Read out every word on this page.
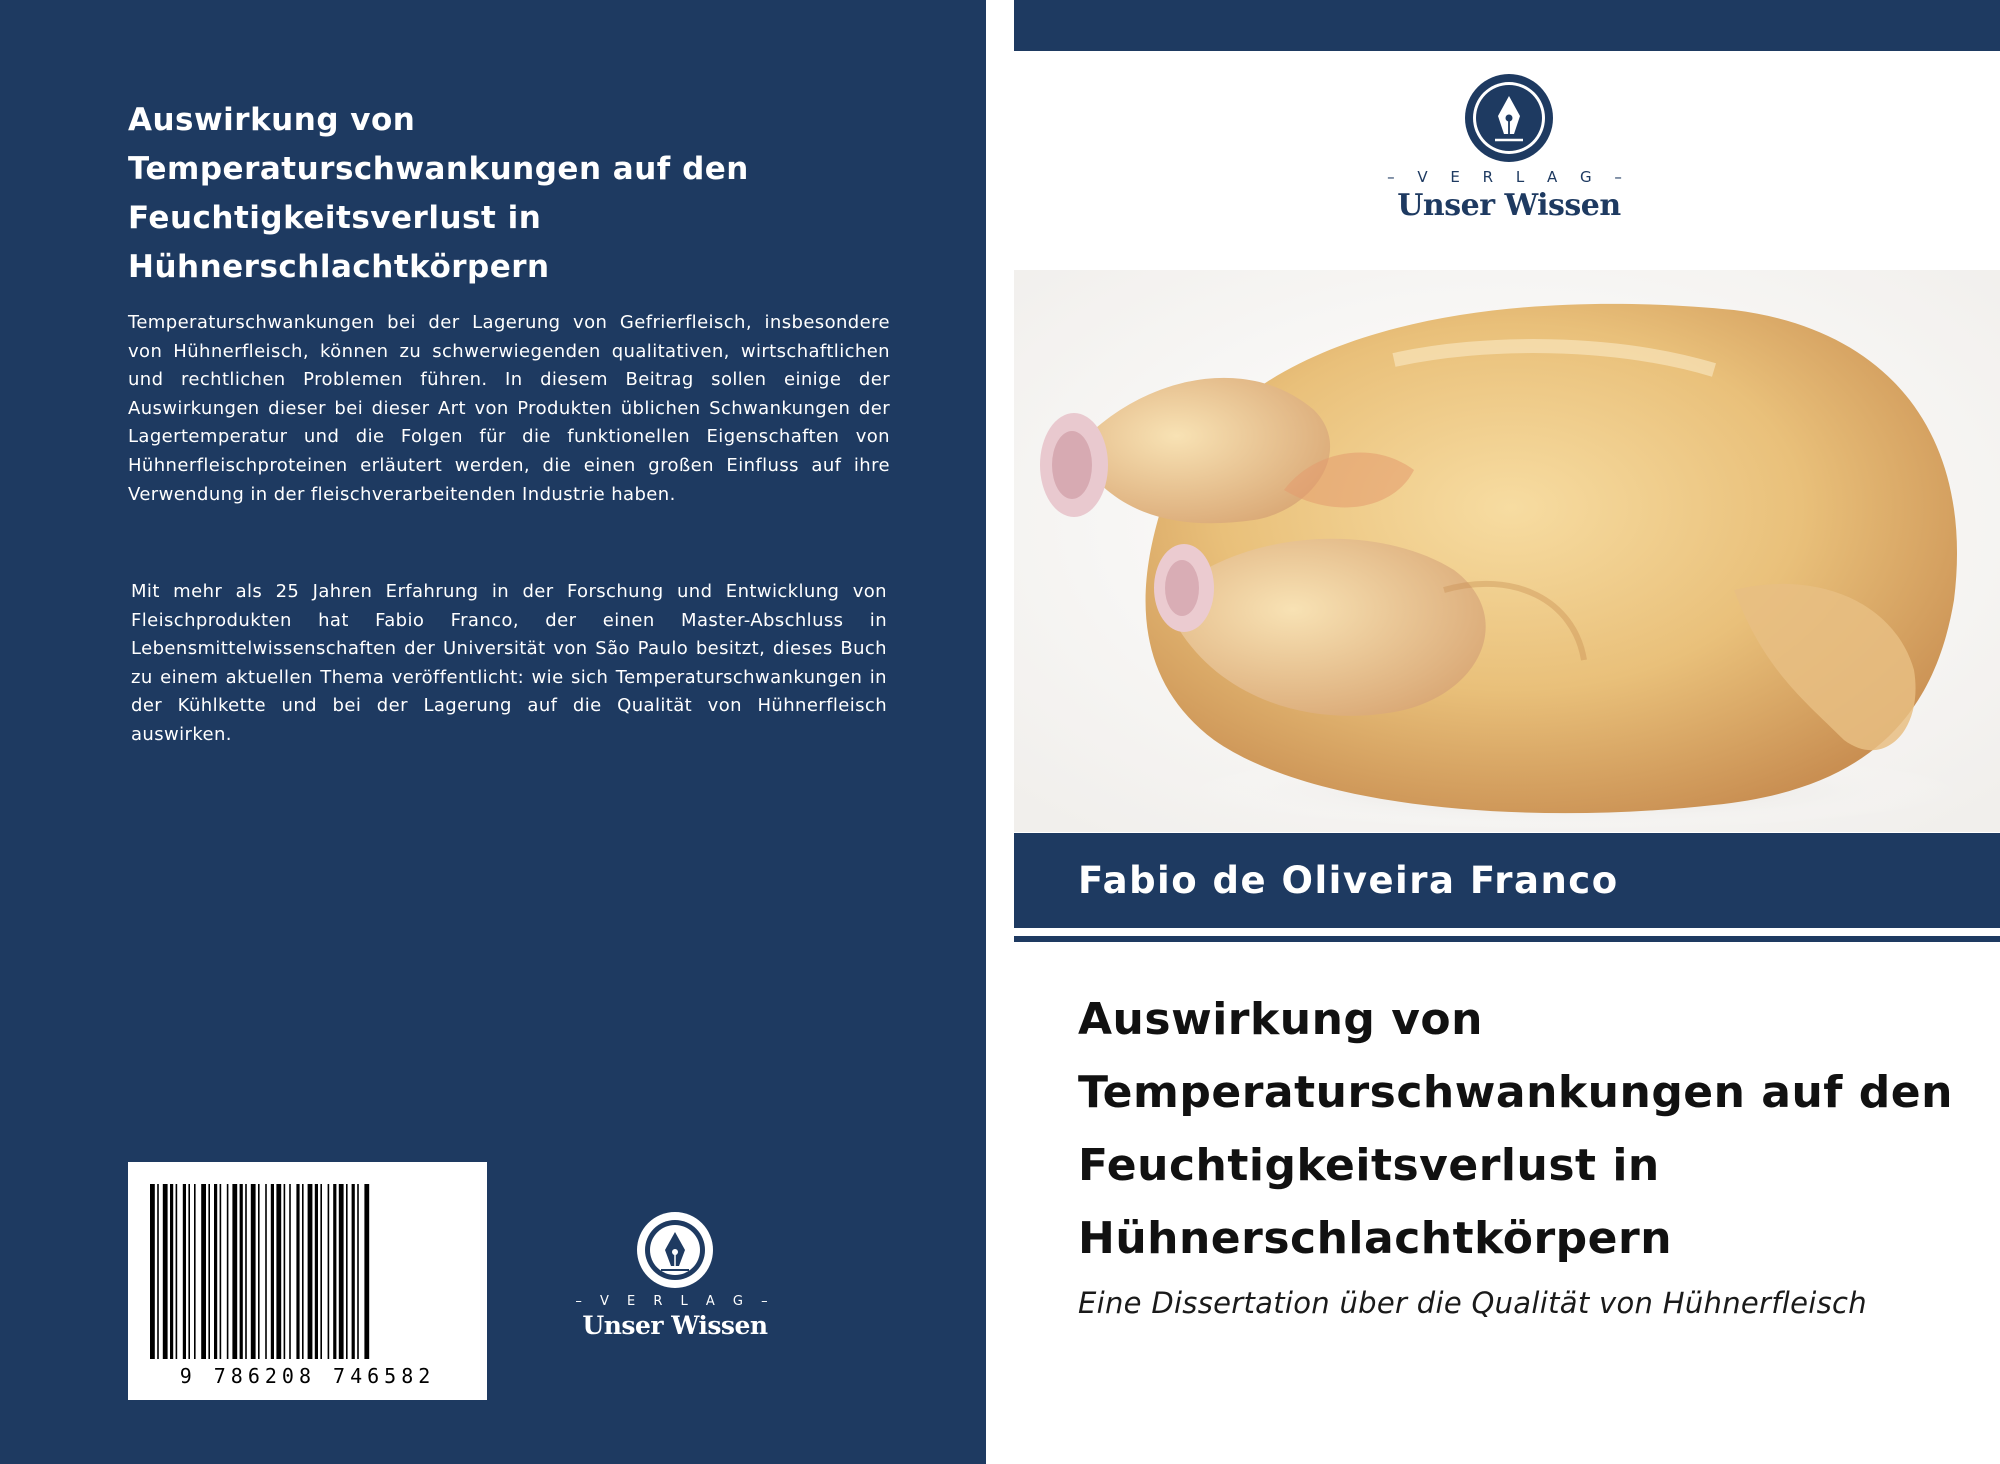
Auswirkung von Temperaturschwankungen auf den Feuchtigkeitsverlust in Hühnerschlachtkörpern

Temperaturschwankungen bei der Lagerung von Gefrierfleisch, insbesondere von Hühnerfleisch, können zu schwerwiegenden qualitativen, wirtschaftlichen und rechtlichen Problemen führen. In diesem Beitrag sollen einige der Auswirkungen dieser bei dieser Art von Produkten üblichen Schwankungen der Lagertemperatur und die Folgen für die funktionellen Eigenschaften von Hühnerfleischproteinen erläutert werden, die einen großen Einfluss auf ihre Verwendung in der fleischverarbeitenden Industrie haben.

Mit mehr als 25 Jahren Erfahrung in der Forschung und Entwicklung von Fleischprodukten hat Fabio Franco, der einen Master-Abschluss in Lebensmittelwissenschaften der Universität von São Paulo besitzt, dieses Buch zu einem aktuellen Thema veröffentlicht: wie sich Temperaturschwankungen in der Kühlkette und bei der Lagerung auf die Qualität von Hühnerfleisch auswirken.

9 786208 746582
– V E R L A G –
Unser Wissen
– V E R L A G –
Unser Wissen

Fabio de Oliveira Franco

Auswirkung von Temperaturschwankungen auf den Feuchtigkeitsverlust in Hühnerschlachtkörpern

Eine Dissertation über die Qualität von Hühnerfleisch
